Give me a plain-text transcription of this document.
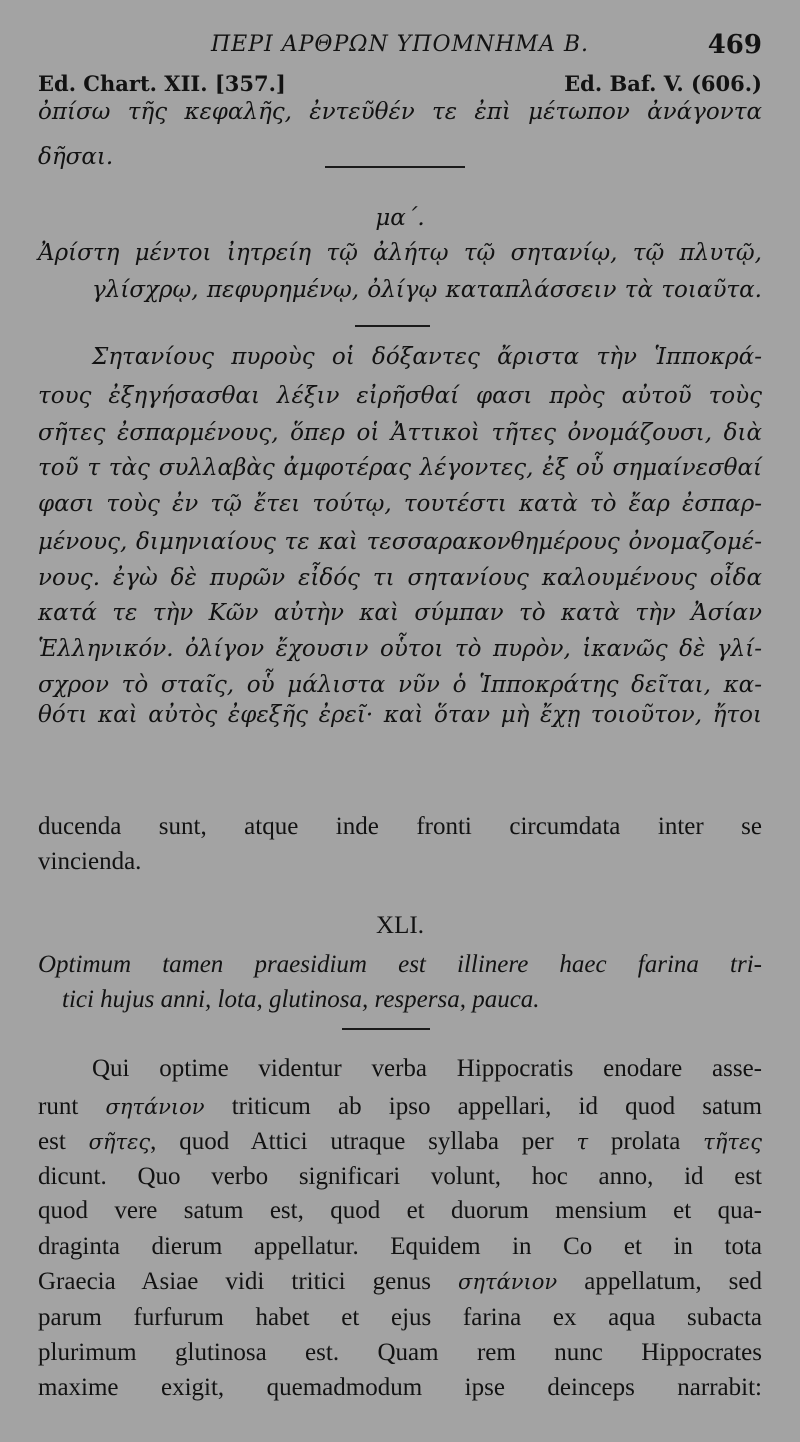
ΠΕΡΙ ΑΡΘΡΩΝ ΥΠΟΜΝΗΜΑ Β.	469
Ed. Chart. XII. [357.]	Ed. Baf. V. (606.)
ὀπίσω τῆς κεφαλῆς, ἐντεῦθέν τε ἐπὶ μέτωπον ἀνάγοντα
δῆσαι.
μα΄.
Ἀρίστη μέντοι ἰητρείη τῷ ἀλήτῳ τῷ σητανίῳ, τῷ πλυτῷ,
γλίσχρῳ, πεφυρημένῳ, ὀλίγῳ καταπλάσσειν τὰ τοιαῦτα.
Σητανίους πυροὺς οἱ δόξαντες ἄριστα τὴν Ἱπποκρά-
τους ἐξηγήσασθαι λέξιν εἰρῆσθαί φασι πρὸς αὐτοῦ τοὺς
σῆτες ἐσπαρμένους, ὅπερ οἱ Ἀττικοὶ τῆτες ὀνομάζουσι, διὰ
τοῦ τ τὰς συλλαβὰς ἀμφοτέρας λέγοντες, ἐξ οὗ σημαίνεσθαί
φασι τοὺς ἐν τῷ ἔτει τούτῳ, τουτέστι κατὰ τὸ ἔαρ ἐσπαρ-
μένους, διμηνιαίους τε καὶ τεσσαρακονθημέρους ὀνομαζομέ-
νους. ἐγὼ δὲ πυρῶν εἶδός τι σητανίους καλουμένους οἶδα
κατά τε τὴν Κῶν αὐτὴν καὶ σύμπαν τὸ κατὰ τὴν Ἀσίαν
Ἑλληνικόν. ὀλίγον ἔχουσιν οὗτοι τὸ πυρὸν, ἱκανῶς δὲ γλί-
σχρον τὸ σταῖς, οὗ μάλιστα νῦν ὁ Ἱπποκράτης δεῖται, κα-
θότι καὶ αὐτὸς ἐφεξῆς ἐρεῖ· καὶ ὅταν μὴ ἔχῃ τοιοῦτον, ἤτοι
ducenda sunt, atque inde fronti circumdata inter se
vincienda.
XLI.
Optimum tamen praesidium est illinere haec farina tri-
tici hujus anni, lota, glutinosa, respersa, pauca.
Qui optime videntur verba Hippocratis enodare asse-
runt σητάνιον triticum ab ipso appellari, id quod satum
est σῆτες, quod Attici utraque syllaba per τ prolata τῆτες
dicunt. Quo verbo significari volunt, hoc anno, id est
quod vere satum est, quod et duorum mensium et qua-
draginta dierum appellatur. Equidem in Co et in tota
Graecia Asiae vidi tritici genus σητάνιον appellatum, sed
parum furfurum habet et ejus farina ex aqua subacta
plurimum glutinosa est. Quam rem nunc Hippocrates
maxime exigit, quemadmodum ipse deinceps narrabit:
